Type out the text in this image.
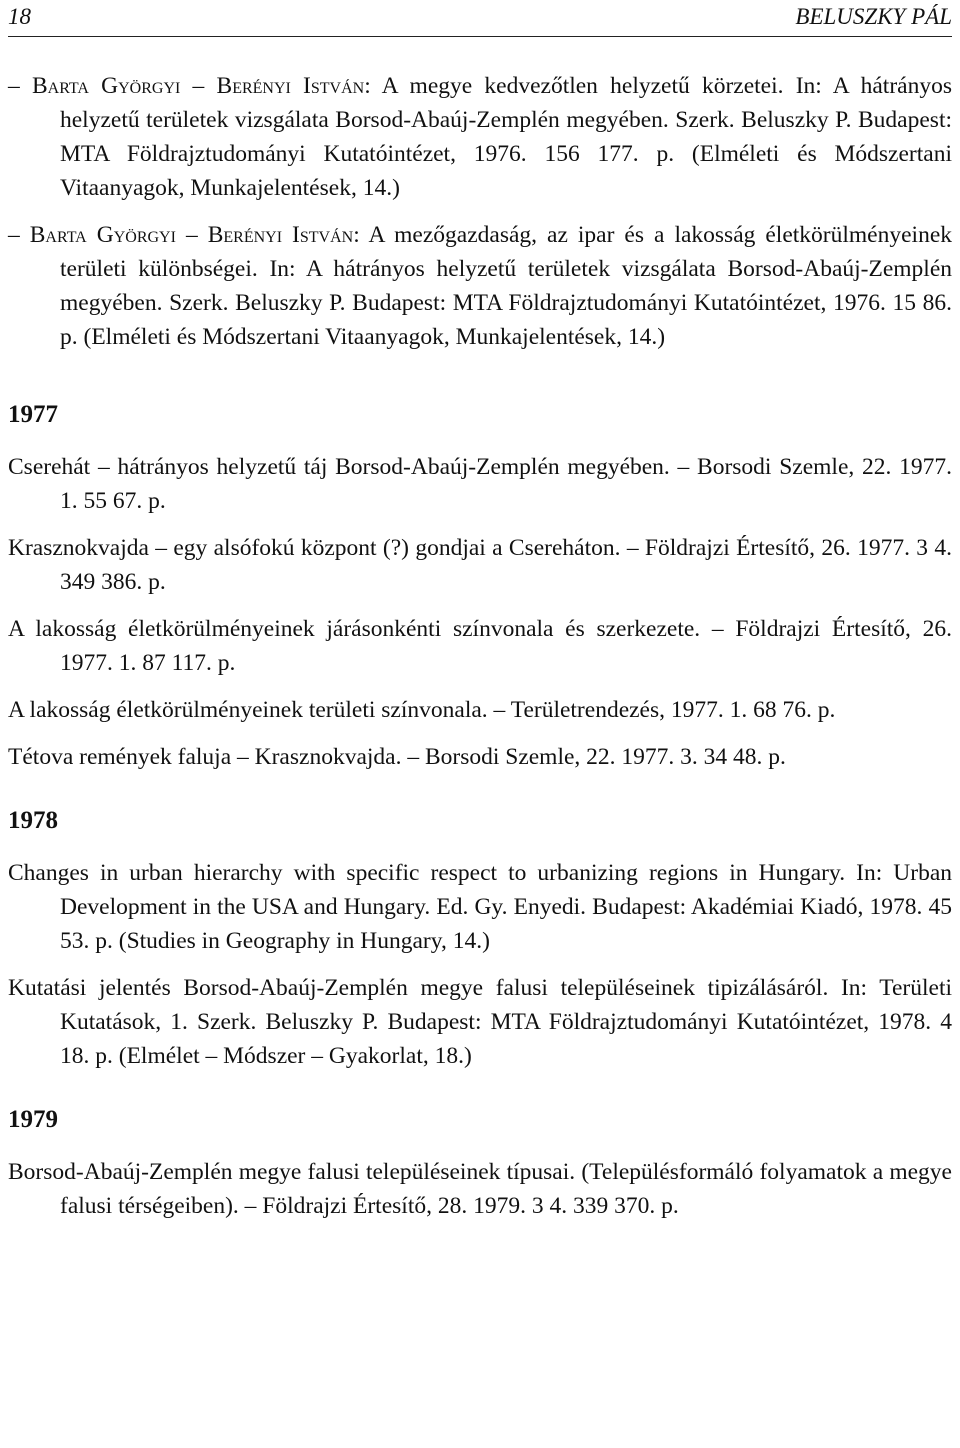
18	BELUSZKY PÁL

– Barta Györgyi – Berényi István: A megye kedvezőtlen helyzetű körzetei. In: A hátrányos helyzetű területek vizsgálata Borsod-Abaúj-Zemplén megyében. Szerk. Beluszky P. Budapest: MTA Földrajztudományi Kutatóintézet, 1976. 156 177. p. (Elméleti és Módszertani Vitaanyagok, Munkajelentések, 14.)

– Barta Györgyi – Berényi István: A mezőgazdaság, az ipar és a lakosság életkörülményeinek területi különbségei. In: A hátrányos helyzetű területek vizsgálata Borsod-Abaúj-Zemplén megyében. Szerk. Beluszky P. Budapest: MTA Földrajztudományi Kutatóintézet, 1976. 15 86. p. (Elméleti és Módszertani Vitaanyagok, Munkajelentések, 14.)

1977

Cserehát – hátrányos helyzetű táj Borsod-Abaúj-Zemplén megyében. – Borsodi Szemle, 22. 1977. 1. 55 67. p.

Krasznokvajda – egy alsófokú központ (?) gondjai a Csereháton. – Földrajzi Értesítő, 26. 1977. 3 4. 349 386. p.

A lakosság életkörülményeinek járásonkénti színvonala és szerkezete. – Földrajzi Értesítő, 26. 1977. 1. 87 117. p.

A lakosság életkörülményeinek területi színvonala. – Területrendezés, 1977. 1. 68 76. p.

Tétova remények faluja – Krasznokvajda. – Borsodi Szemle, 22. 1977. 3. 34 48. p.

1978

Changes in urban hierarchy with specific respect to urbanizing regions in Hungary. In: Urban Development in the USA and Hungary. Ed. Gy. Enyedi. Budapest: Akadémiai Kiadó, 1978. 45 53. p. (Studies in Geography in Hungary, 14.)

Kutatási jelentés Borsod-Abaúj-Zemplén megye falusi településeinek tipizálásáról. In: Területi Kutatások, 1. Szerk. Beluszky P. Budapest: MTA Földrajztudományi Kutatóintézet, 1978. 4 18. p. (Elmélet – Módszer – Gyakorlat, 18.)

1979

Borsod-Abaúj-Zemplén megye falusi településeinek típusai. (Településformáló folyamatok a megye falusi térségeiben). – Földrajzi Értesítő, 28. 1979. 3 4. 339 370. p.
